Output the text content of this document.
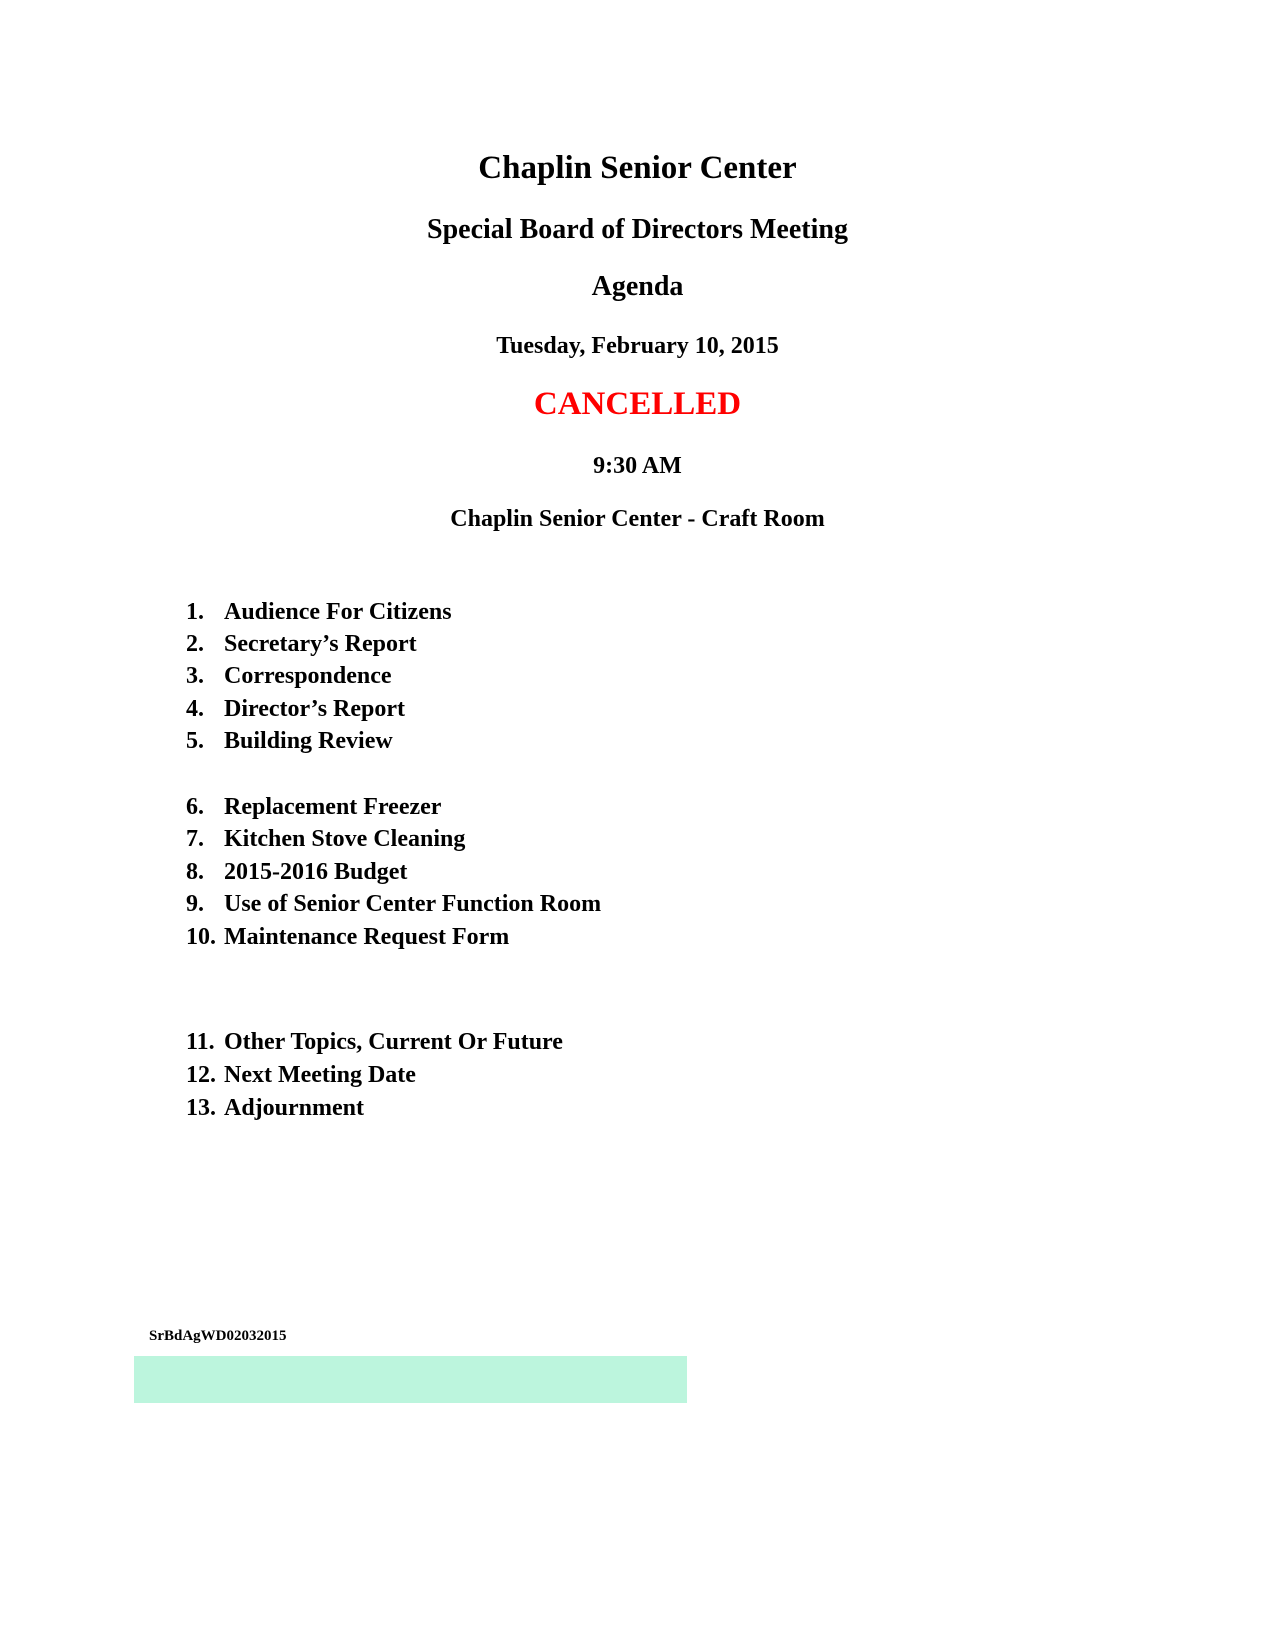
Chaplin Senior Center
Special Board of Directors Meeting
Agenda
Tuesday, February 10, 2015
CANCELLED
9:30 AM
Chaplin Senior Center - Craft Room
1. Audience For Citizens
2. Secretary’s Report
3. Correspondence
4. Director’s Report
5. Building Review
6. Replacement Freezer
7. Kitchen Stove Cleaning
8. 2015-2016 Budget
9. Use of Senior Center Function Room
10. Maintenance Request Form
11. Other Topics, Current Or Future
12. Next Meeting Date
13. Adjournment
SrBdAgWD02032015
